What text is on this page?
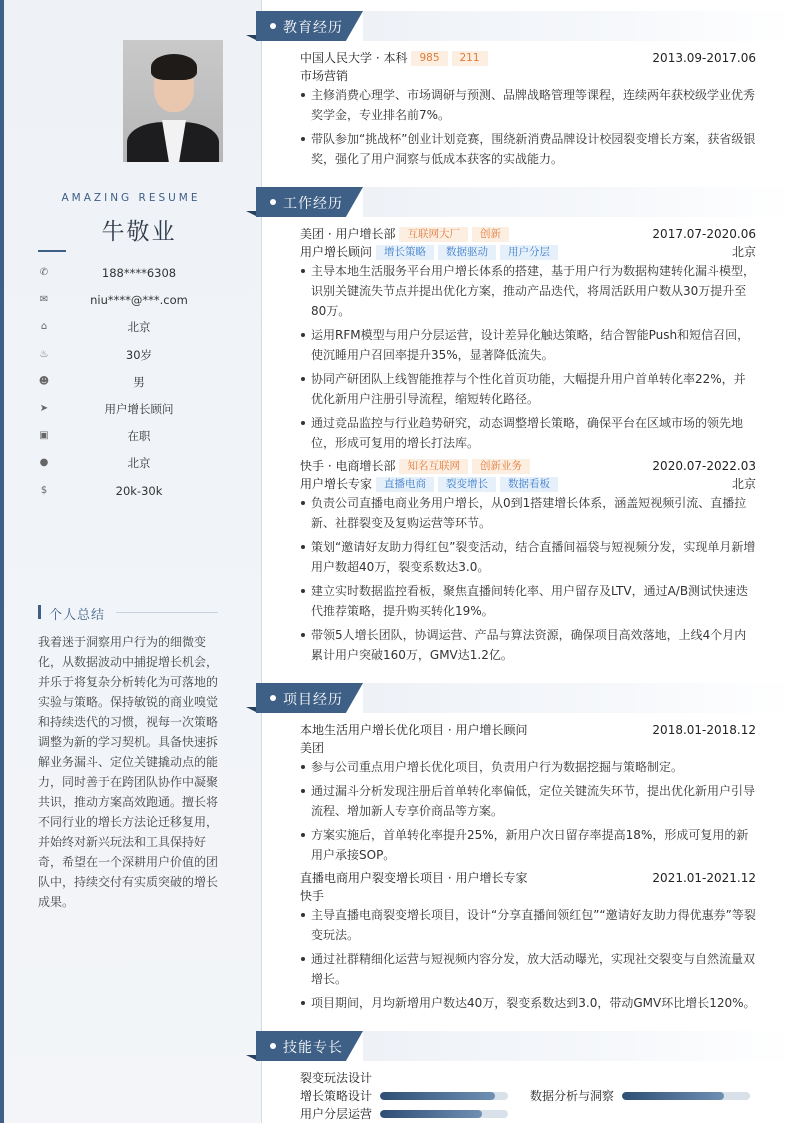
AMAZING RESUME
牛敬业
✆	188****6308
✉	niu****@***.com
⌂	北京
♨	30岁
☻	男
➤	用户增长顾问
▣	在职
●	北京
$	20k-30k
个人总结
我着迷于洞察用户行为的细微变化，从数据波动中捕捉增长机会，并乐于将复杂分析转化为可落地的实验与策略。保持敏锐的商业嗅觉和持续迭代的习惯，视每一次策略调整为新的学习契机。具备快速拆解业务漏斗、定位关键撬动点的能力，同时善于在跨团队协作中凝聚共识，推动方案高效跑通。擅长将不同行业的增长方法论迁移复用，并始终对新兴玩法和工具保持好奇，希望在一个深耕用户价值的团队中，持续交付有实质突破的增长成果。
教育经历
中国人民大学 · 本科 985 211	2013.09-2017.06
市场营销
主修消费心理学、市场调研与预测、品牌战略管理等课程，连续两年获校级学业优秀奖学金，专业排名前7%。
带队参加“挑战杯”创业计划竞赛，围绕新消费品牌设计校园裂变增长方案，获省级银奖，强化了用户洞察与低成本获客的实战能力。
工作经历
美团 · 用户增长部 互联网大厂 创新	2017.07-2020.06
用户增长顾问 增长策略 数据驱动 用户分层	北京
主导本地生活服务平台用户增长体系的搭建，基于用户行为数据构建转化漏斗模型，识别关键流失节点并提出优化方案，推动产品迭代，将周活跃用户数从30万提升至80万。
运用RFM模型与用户分层运营，设计差异化触达策略，结合智能Push和短信召回，使沉睡用户召回率提升35%，显著降低流失。
协同产研团队上线智能推荐与个性化首页功能，大幅提升用户首单转化率22%，并优化新用户注册引导流程，缩短转化路径。
通过竞品监控与行业趋势研究，动态调整增长策略，确保平台在区域市场的领先地位，形成可复用的增长打法库。
快手 · 电商增长部 知名互联网 创新业务	2020.07-2022.03
用户增长专家 直播电商 裂变增长 数据看板	北京
负责公司直播电商业务用户增长，从0到1搭建增长体系，涵盖短视频引流、直播拉新、社群裂变及复购运营等环节。
策划“邀请好友助力得红包”裂变活动，结合直播间福袋与短视频分发，实现单月新增用户数超40万，裂变系数达3.0。
建立实时数据监控看板，聚焦直播间转化率、用户留存及LTV，通过A/B测试快速迭代推荐策略，提升购买转化19%。
带领5人增长团队，协调运营、产品与算法资源，确保项目高效落地，上线4个月内累计用户突破160万，GMV达1.2亿。
项目经历
本地生活用户增长优化项目 · 用户增长顾问	2018.01-2018.12
美团
参与公司重点用户增长优化项目，负责用户行为数据挖掘与策略制定。
通过漏斗分析发现注册后首单转化率偏低，定位关键流失环节，提出优化新用户引导流程、增加新人专享价商品等方案。
方案实施后，首单转化率提升25%，新用户次日留存率提高18%，形成可复用的新用户承接SOP。
直播电商用户裂变增长项目 · 用户增长专家	2021.01-2021.12
快手
主导直播电商裂变增长项目，设计“分享直播间领红包”“邀请好友助力得优惠券”等裂变玩法。
通过社群精细化运营与短视频内容分发，放大活动曝光，实现社交裂变与自然流量双增长。
项目期间，月均新增用户数达40万，裂变系数达到3.0，带动GMV环比增长120%。
技能专长
裂变玩法设计
增长策略设计	数据分析与洞察
用户分层运营
